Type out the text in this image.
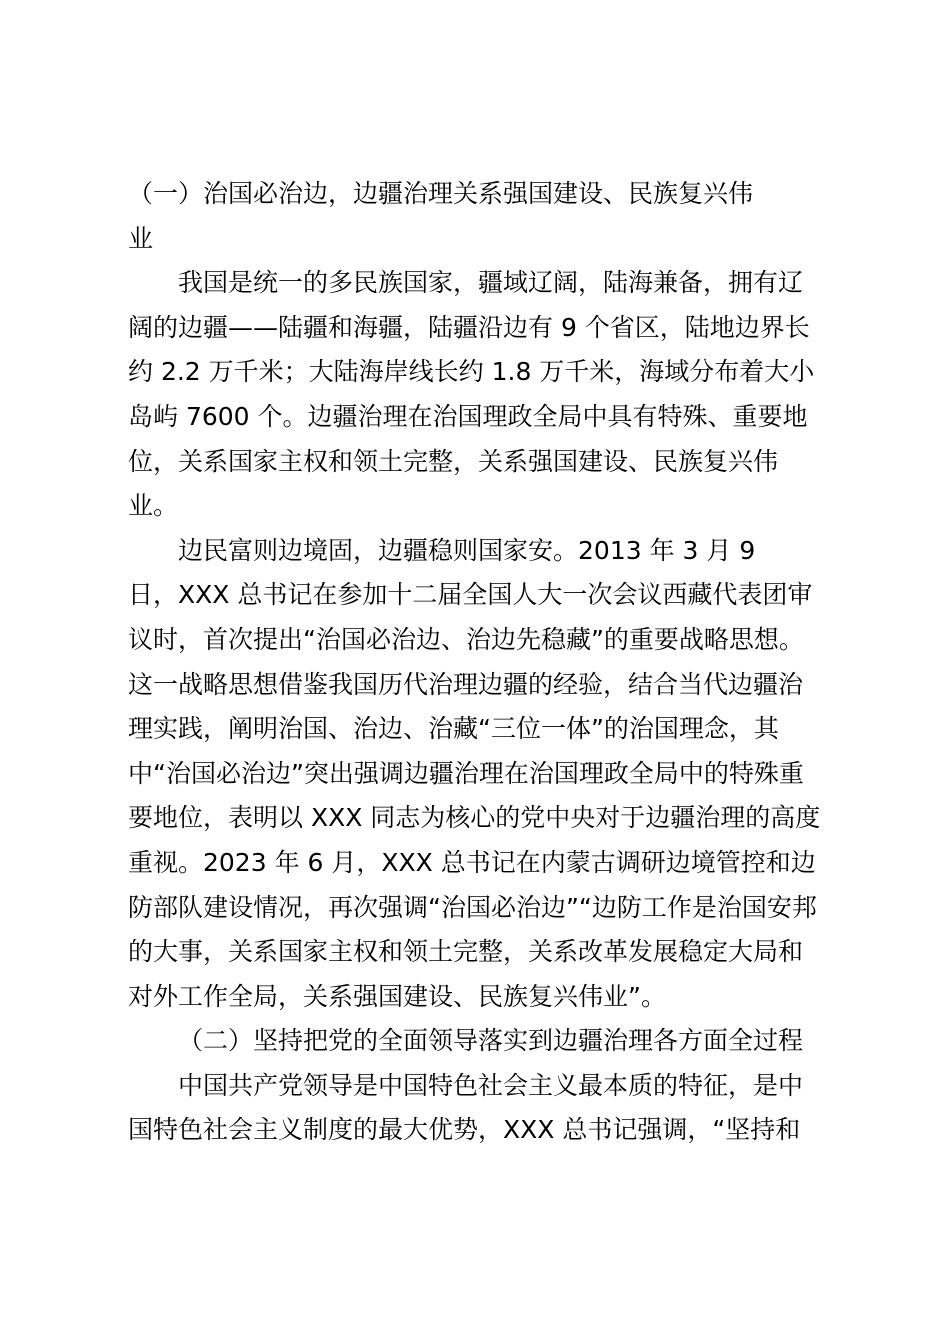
（一）治国必治边，边疆治理关系强国建设、民族复兴伟
业
我国是统一的多民族国家，疆域辽阔，陆海兼备，拥有辽
阔的边疆——陆疆和海疆，陆疆沿边有 9 个省区，陆地边界长
约 2.2 万千米；大陆海岸线长约 1.8 万千米，海域分布着大小
岛屿 7600 个。边疆治理在治国理政全局中具有特殊、重要地
位，关系国家主权和领土完整，关系强国建设、民族复兴伟
业。
边民富则边境固，边疆稳则国家安。2013 年 3 月 9
日，XXX 总书记在参加十二届全国人大一次会议西藏代表团审
议时，首次提出“治国必治边、治边先稳藏”的重要战略思想。
这一战略思想借鉴我国历代治理边疆的经验，结合当代边疆治
理实践，阐明治国、治边、治藏“三位一体”的治国理念，其
中“治国必治边”突出强调边疆治理在治国理政全局中的特殊重
要地位，表明以 XXX 同志为核心的党中央对于边疆治理的高度
重视。2023 年 6 月，XXX 总书记在内蒙古调研边境管控和边
防部队建设情况，再次强调“治国必治边”“边防工作是治国安邦
的大事，关系国家主权和领土完整，关系改革发展稳定大局和
对外工作全局，关系强国建设、民族复兴伟业”。
（二）坚持把党的全面领导落实到边疆治理各方面全过程
中国共产党领导是中国特色社会主义最本质的特征，是中
国特色社会主义制度的最大优势，XXX 总书记强调，“坚持和
